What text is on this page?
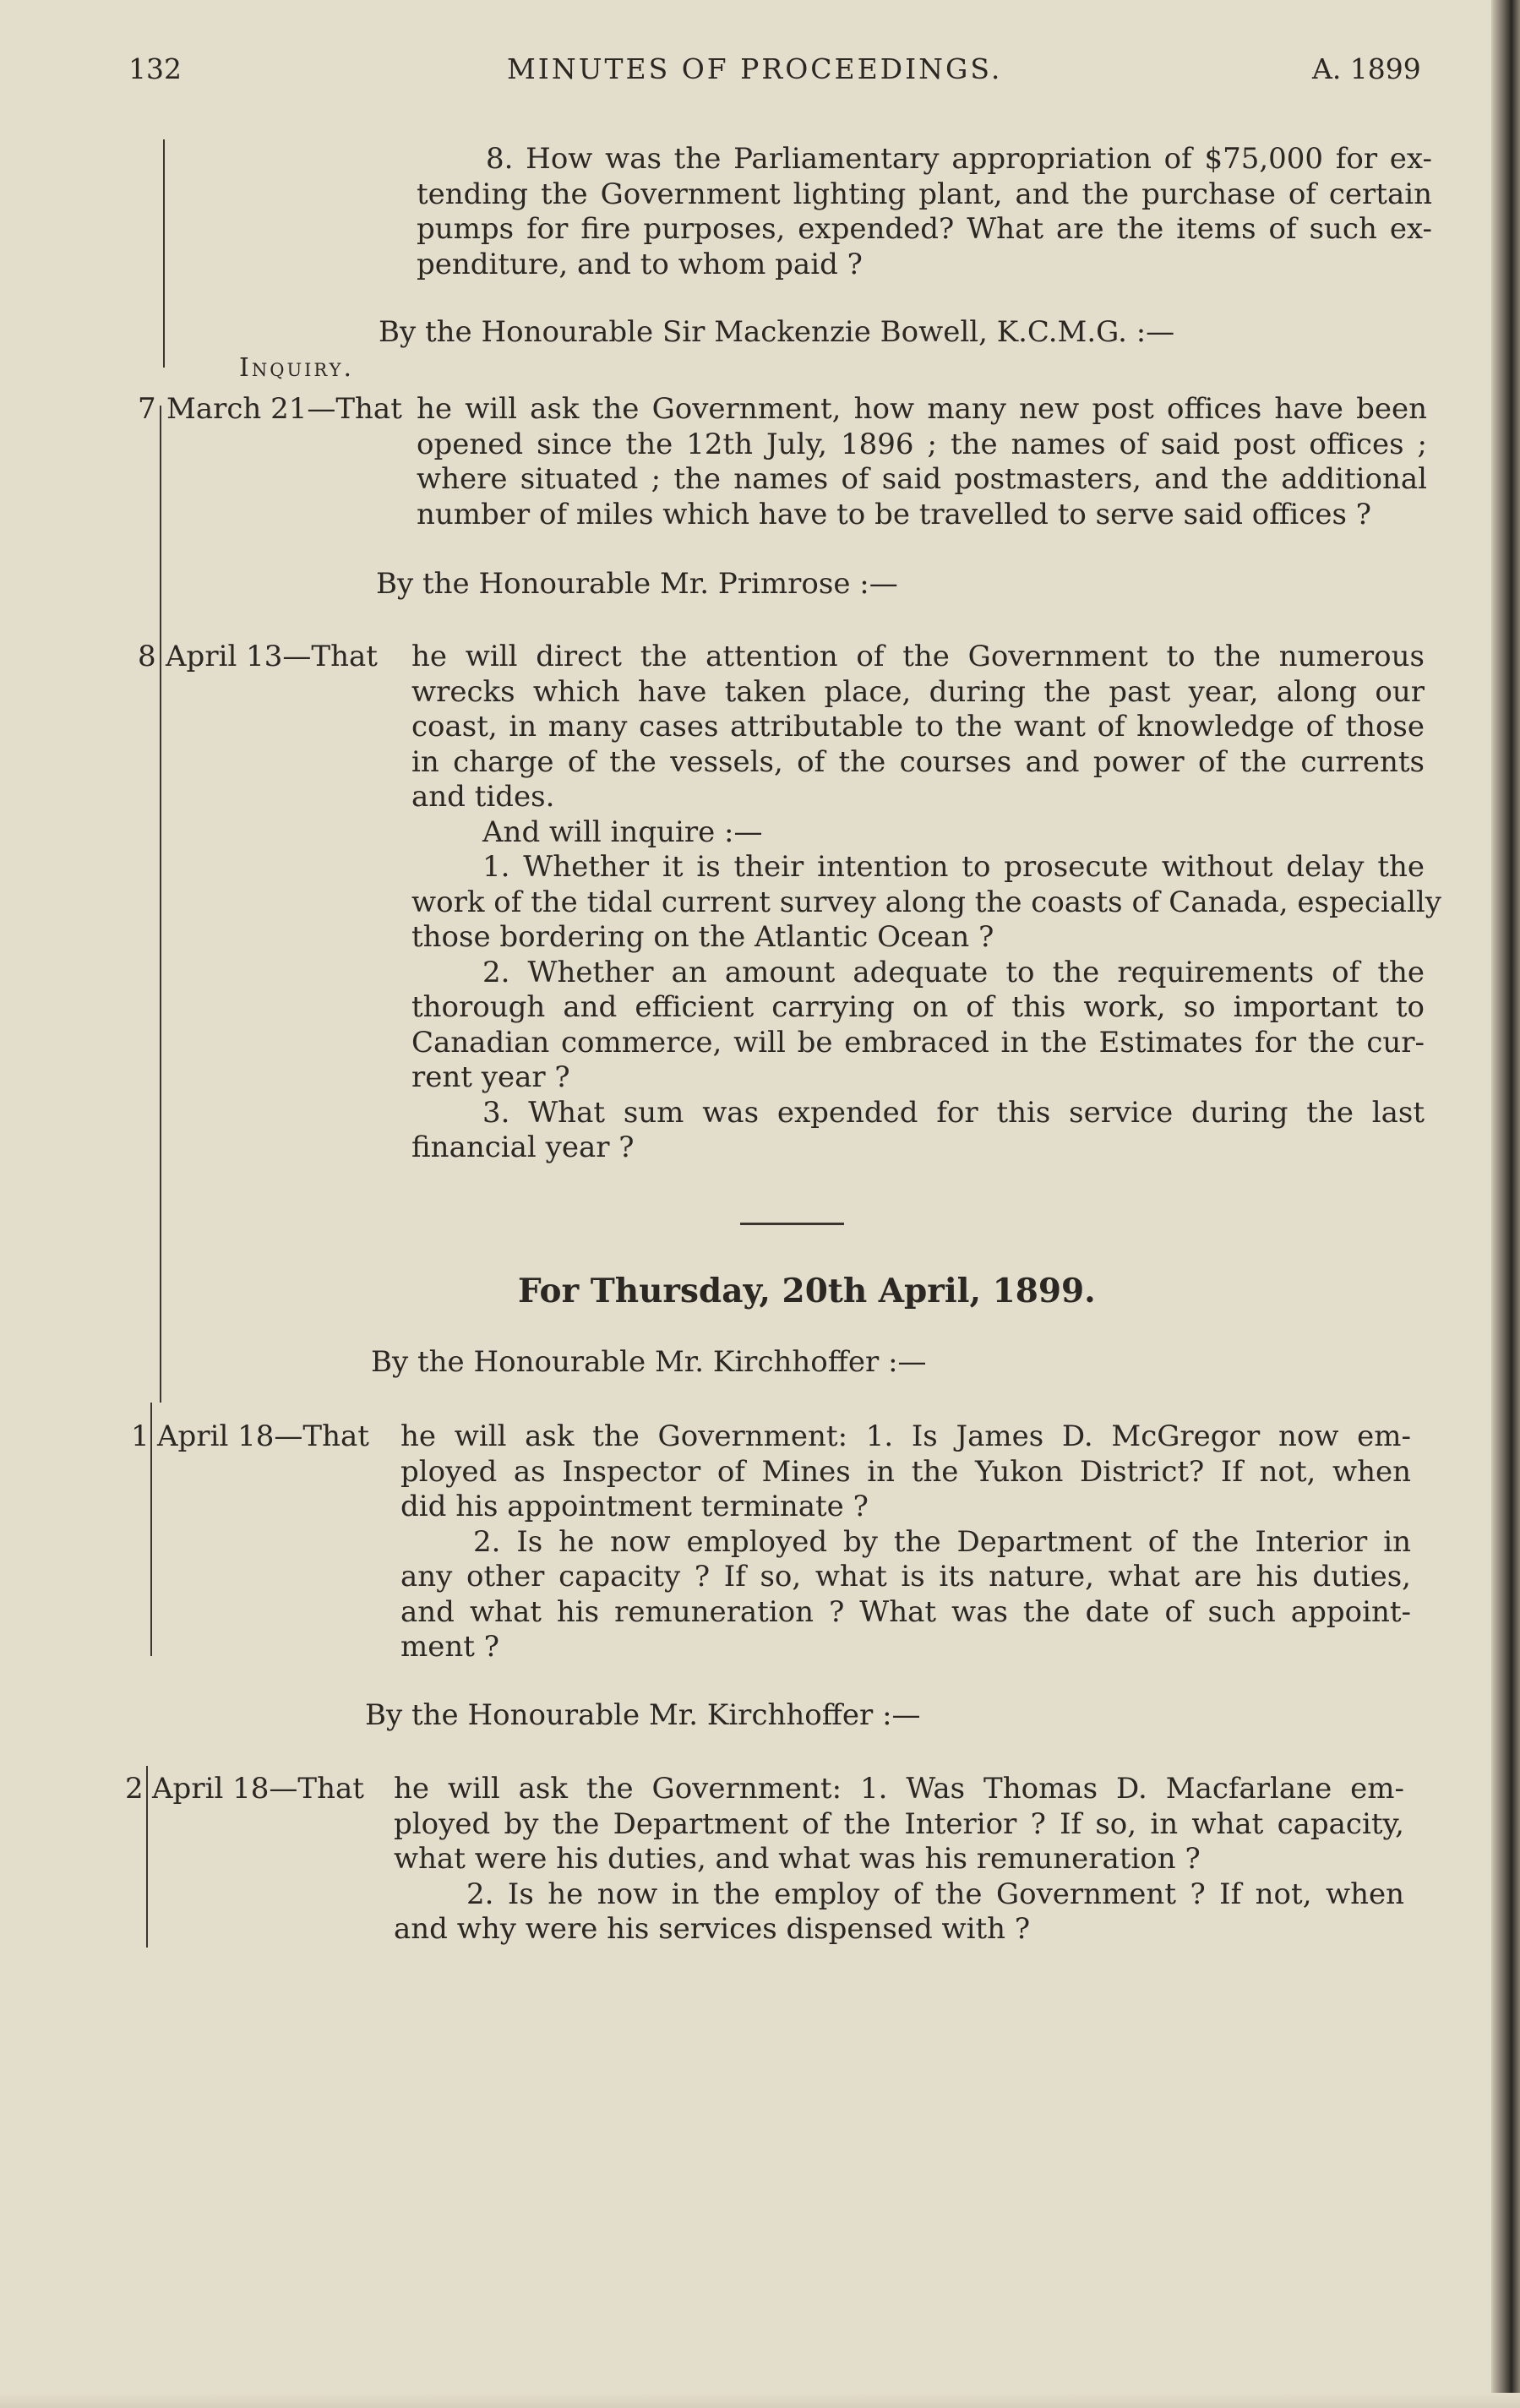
132	MINUTES OF PROCEEDINGS.	A. 1899
8. How was the Parliamentary appropriation of $75,000 for ex-
tending the Government lighting plant, and the purchase of certain
pumps for fire purposes, expended? What are the items of such ex-
penditure, and to whom paid ?
By the Honourable Sir Mackenzie Bowell, K.C.M.G. :—
Inquiry.
7 March 21—That he will ask the Government, how many new post offices have been
opened since the 12th July, 1896 ; the names of said post offices ;
where situated ; the names of said postmasters, and the additional
number of miles which have to be travelled to serve said offices ?
By the Honourable Mr. Primrose :—
8 April 13—That he will direct the attention of the Government to the numerous
wrecks which have taken place, during the past year, along our
coast, in many cases attributable to the want of knowledge of those
in charge of the vessels, of the courses and power of the currents
and tides.
And will inquire :—
1. Whether it is their intention to prosecute without delay the
work of the tidal current survey along the coasts of Canada, especially
those bordering on the Atlantic Ocean ?
2. Whether an amount adequate to the requirements of the
thorough and efficient carrying on of this work, so important to
Canadian commerce, will be embraced in the Estimates for the cur-
rent year ?
3. What sum was expended for this service during the last
financial year ?
For Thursday, 20th April, 1899.
By the Honourable Mr. Kirchhoffer :—
1 April 18—That he will ask the Government: 1. Is James D. McGregor now em-
ployed as Inspector of Mines in the Yukon District? If not, when
did his appointment terminate ?
2. Is he now employed by the Department of the Interior in
any other capacity ? If so, what is its nature, what are his duties,
and what his remuneration ? What was the date of such appoint-
ment ?
By the Honourable Mr. Kirchhoffer :—
2 April 18—That he will ask the Government: 1. Was Thomas D. Macfarlane em-
ployed by the Department of the Interior ? If so, in what capacity,
what were his duties, and what was his remuneration ?
2. Is he now in the employ of the Government ? If not, when
and why were his services dispensed with ?
